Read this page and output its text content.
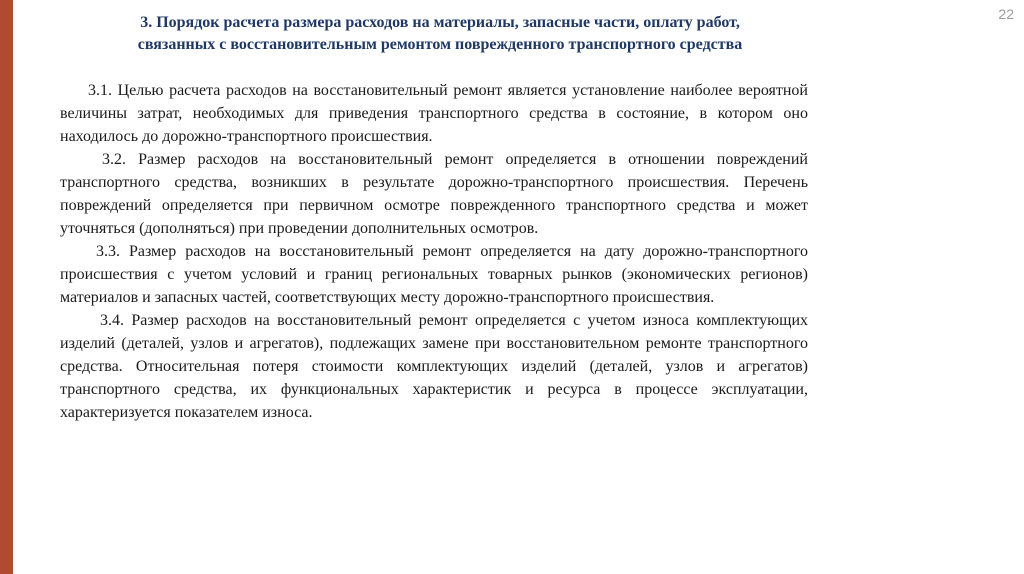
22
3. Порядок расчета размера расходов на материалы, запасные части, оплату работ,
связанных с восстановительным ремонтом поврежденного транспортного средства

3.1. Целью расчета расходов на восстановительный ремонт является установление наиболее вероятной величины затрат, необходимых для приведения транспортного средства в состояние, в котором оно находилось до дорожно-транспортного происшествия.

3.2. Размер расходов на восстановительный ремонт определяется в отношении повреждений транспортного средства, возникших в результате дорожно-транспортного происшествия. Перечень повреждений определяется при первичном осмотре поврежденного транспортного средства и может уточняться (дополняться) при проведении дополнительных осмотров.

3.3. Размер расходов на восстановительный ремонт определяется на дату дорожно-транспортного происшествия с учетом условий и границ региональных товарных рынков (экономических регионов) материалов и запасных частей, соответствующих месту дорожно-транспортного происшествия.

3.4. Размер расходов на восстановительный ремонт определяется с учетом износа комплектующих изделий (деталей, узлов и агрегатов), подлежащих замене при восстановительном ремонте транспортного средства. Относительная потеря стоимости комплектующих изделий (деталей, узлов и агрегатов) транспортного средства, их функциональных характеристик и ресурса в процессе эксплуатации, характеризуется показателем износа.
